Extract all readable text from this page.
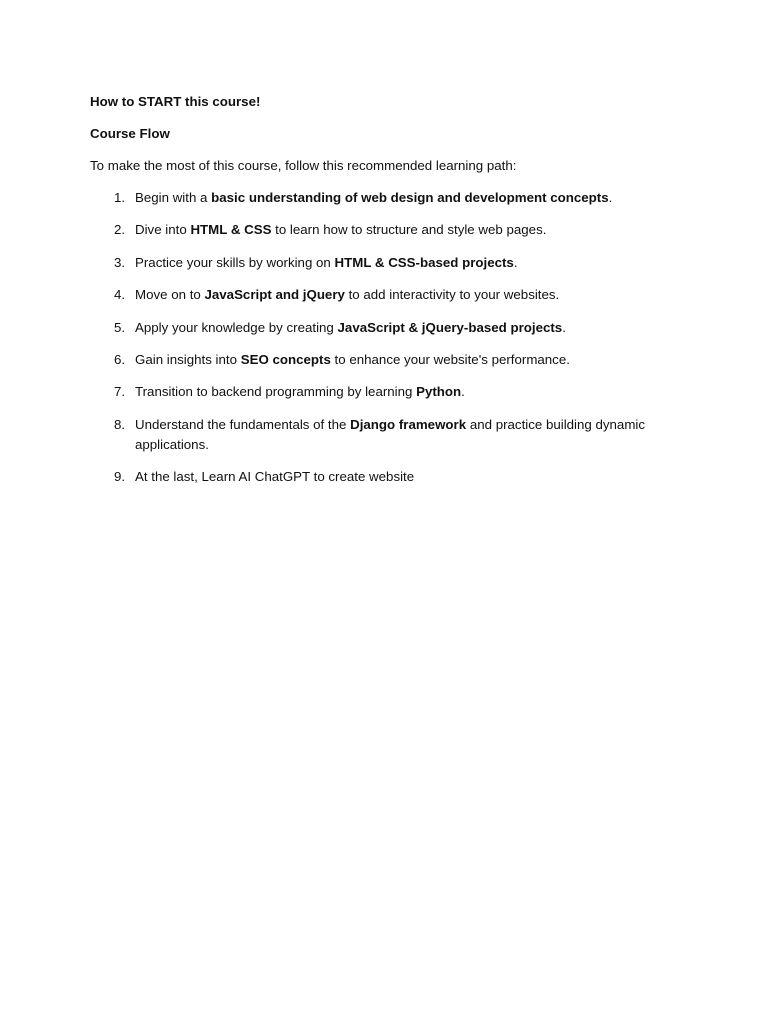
How to START this course!

Course Flow

To make the most of this course, follow this recommended learning path:

1. Begin with a basic understanding of web design and development concepts.
2. Dive into HTML & CSS to learn how to structure and style web pages.
3. Practice your skills by working on HTML & CSS-based projects.
4. Move on to JavaScript and jQuery to add interactivity to your websites.
5. Apply your knowledge by creating JavaScript & jQuery-based projects.
6. Gain insights into SEO concepts to enhance your website's performance.
7. Transition to backend programming by learning Python.
8. Understand the fundamentals of the Django framework and practice building dynamic applications.
9. At the last, Learn AI ChatGPT to create website
